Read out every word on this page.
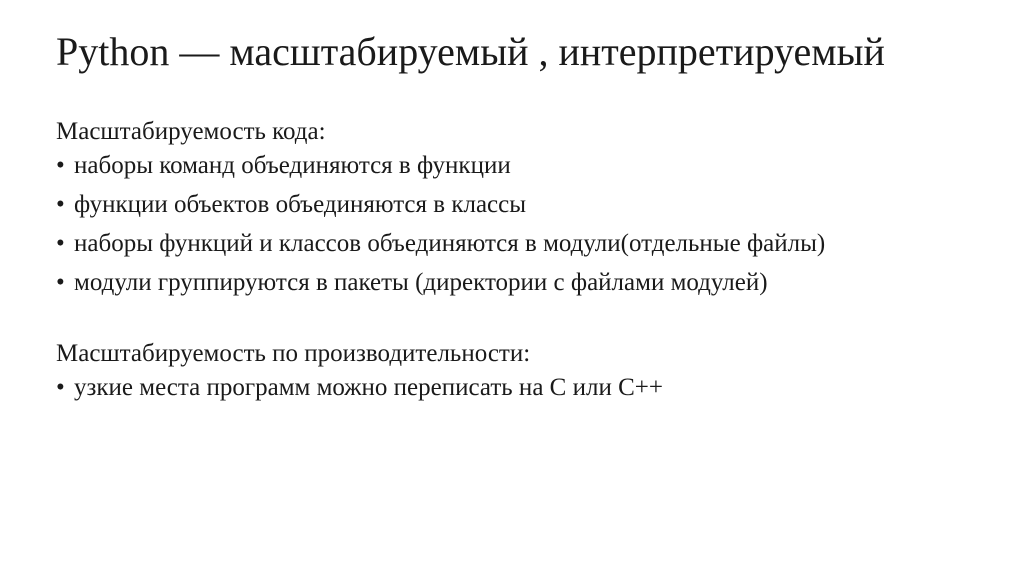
Python — масштабируемый , интерпретируемый
Масштабируемость кода:
• наборы команд объединяются в функции
• функции объектов объединяются в классы
• наборы функций и классов объединяются в модули(отдельные файлы)
• модули группируются в пакеты (директории с файлами модулей)
Масштабируемость по производительности:
• узкие места программ можно переписать на С или С++
